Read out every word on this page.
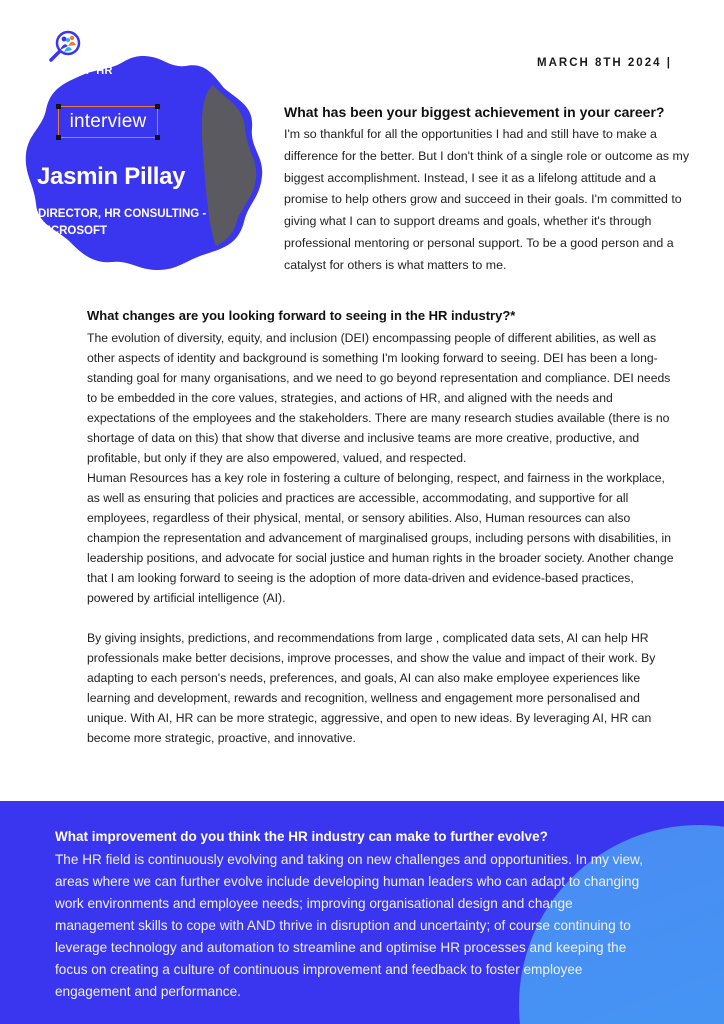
OF HR
interview
Jasmin Pillay
DIRECTOR, HR CONSULTING - MICROSOFT
MARCH 8TH 2024 |

What has been your biggest achievement in your career?

I'm so thankful for all the opportunities I had and still have to make a difference for the better. But I don't think of a single role or outcome as my biggest accomplishment. Instead, I see it as a lifelong attitude and a promise to help others grow and succeed in their goals. I'm committed to giving what I can to support dreams and goals, whether it's through professional mentoring or personal support. To be a good person and a catalyst for others is what matters to me.

What changes are you looking forward to seeing in the HR industry?*

The evolution of diversity, equity, and inclusion (DEI) encompassing people of different abilities, as well as other aspects of identity and background is something I'm looking forward to seeing. DEI has been a long-standing goal for many organisations, and we need to go beyond representation and compliance. DEI needs to be embedded in the core values, strategies, and actions of HR, and aligned with the needs and expectations of the employees and the stakeholders. There are many research studies available (there is no shortage of data on this) that show that diverse and inclusive teams are more creative, productive, and profitable, but only if they are also empowered, valued, and respected.

Human Resources has a key role in fostering a culture of belonging, respect, and fairness in the workplace, as well as ensuring that policies and practices are accessible, accommodating, and supportive for all employees, regardless of their physical, mental, or sensory abilities. Also, Human resources can also champion the representation and advancement of marginalised groups, including persons with disabilities, in leadership positions, and advocate for social justice and human rights in the broader society. Another change that I am looking forward to seeing is the adoption of more data-driven and evidence-based practices, powered by artificial intelligence (AI).

By giving insights, predictions, and recommendations from large , complicated data sets, AI can help HR professionals make better decisions, improve processes, and show the value and impact of their work. By adapting to each person's needs, preferences, and goals, AI can also make employee experiences like learning and development, rewards and recognition, wellness and engagement more personalised and unique. With AI, HR can be more strategic, aggressive, and open to new ideas. By leveraging AI, HR can become more strategic, proactive, and innovative.

What improvement do you think the HR industry can make to further evolve?

The HR field is continuously evolving and taking on new challenges and opportunities. In my view, areas where we can further evolve include developing human leaders who can adapt to changing work environments and employee needs; improving organisational design and change management skills to cope with AND thrive in disruption and uncertainty; of course continuing to leverage technology and automation to streamline and optimise HR processes and keeping the focus on creating a culture of continuous improvement and feedback to foster employee engagement and performance.
